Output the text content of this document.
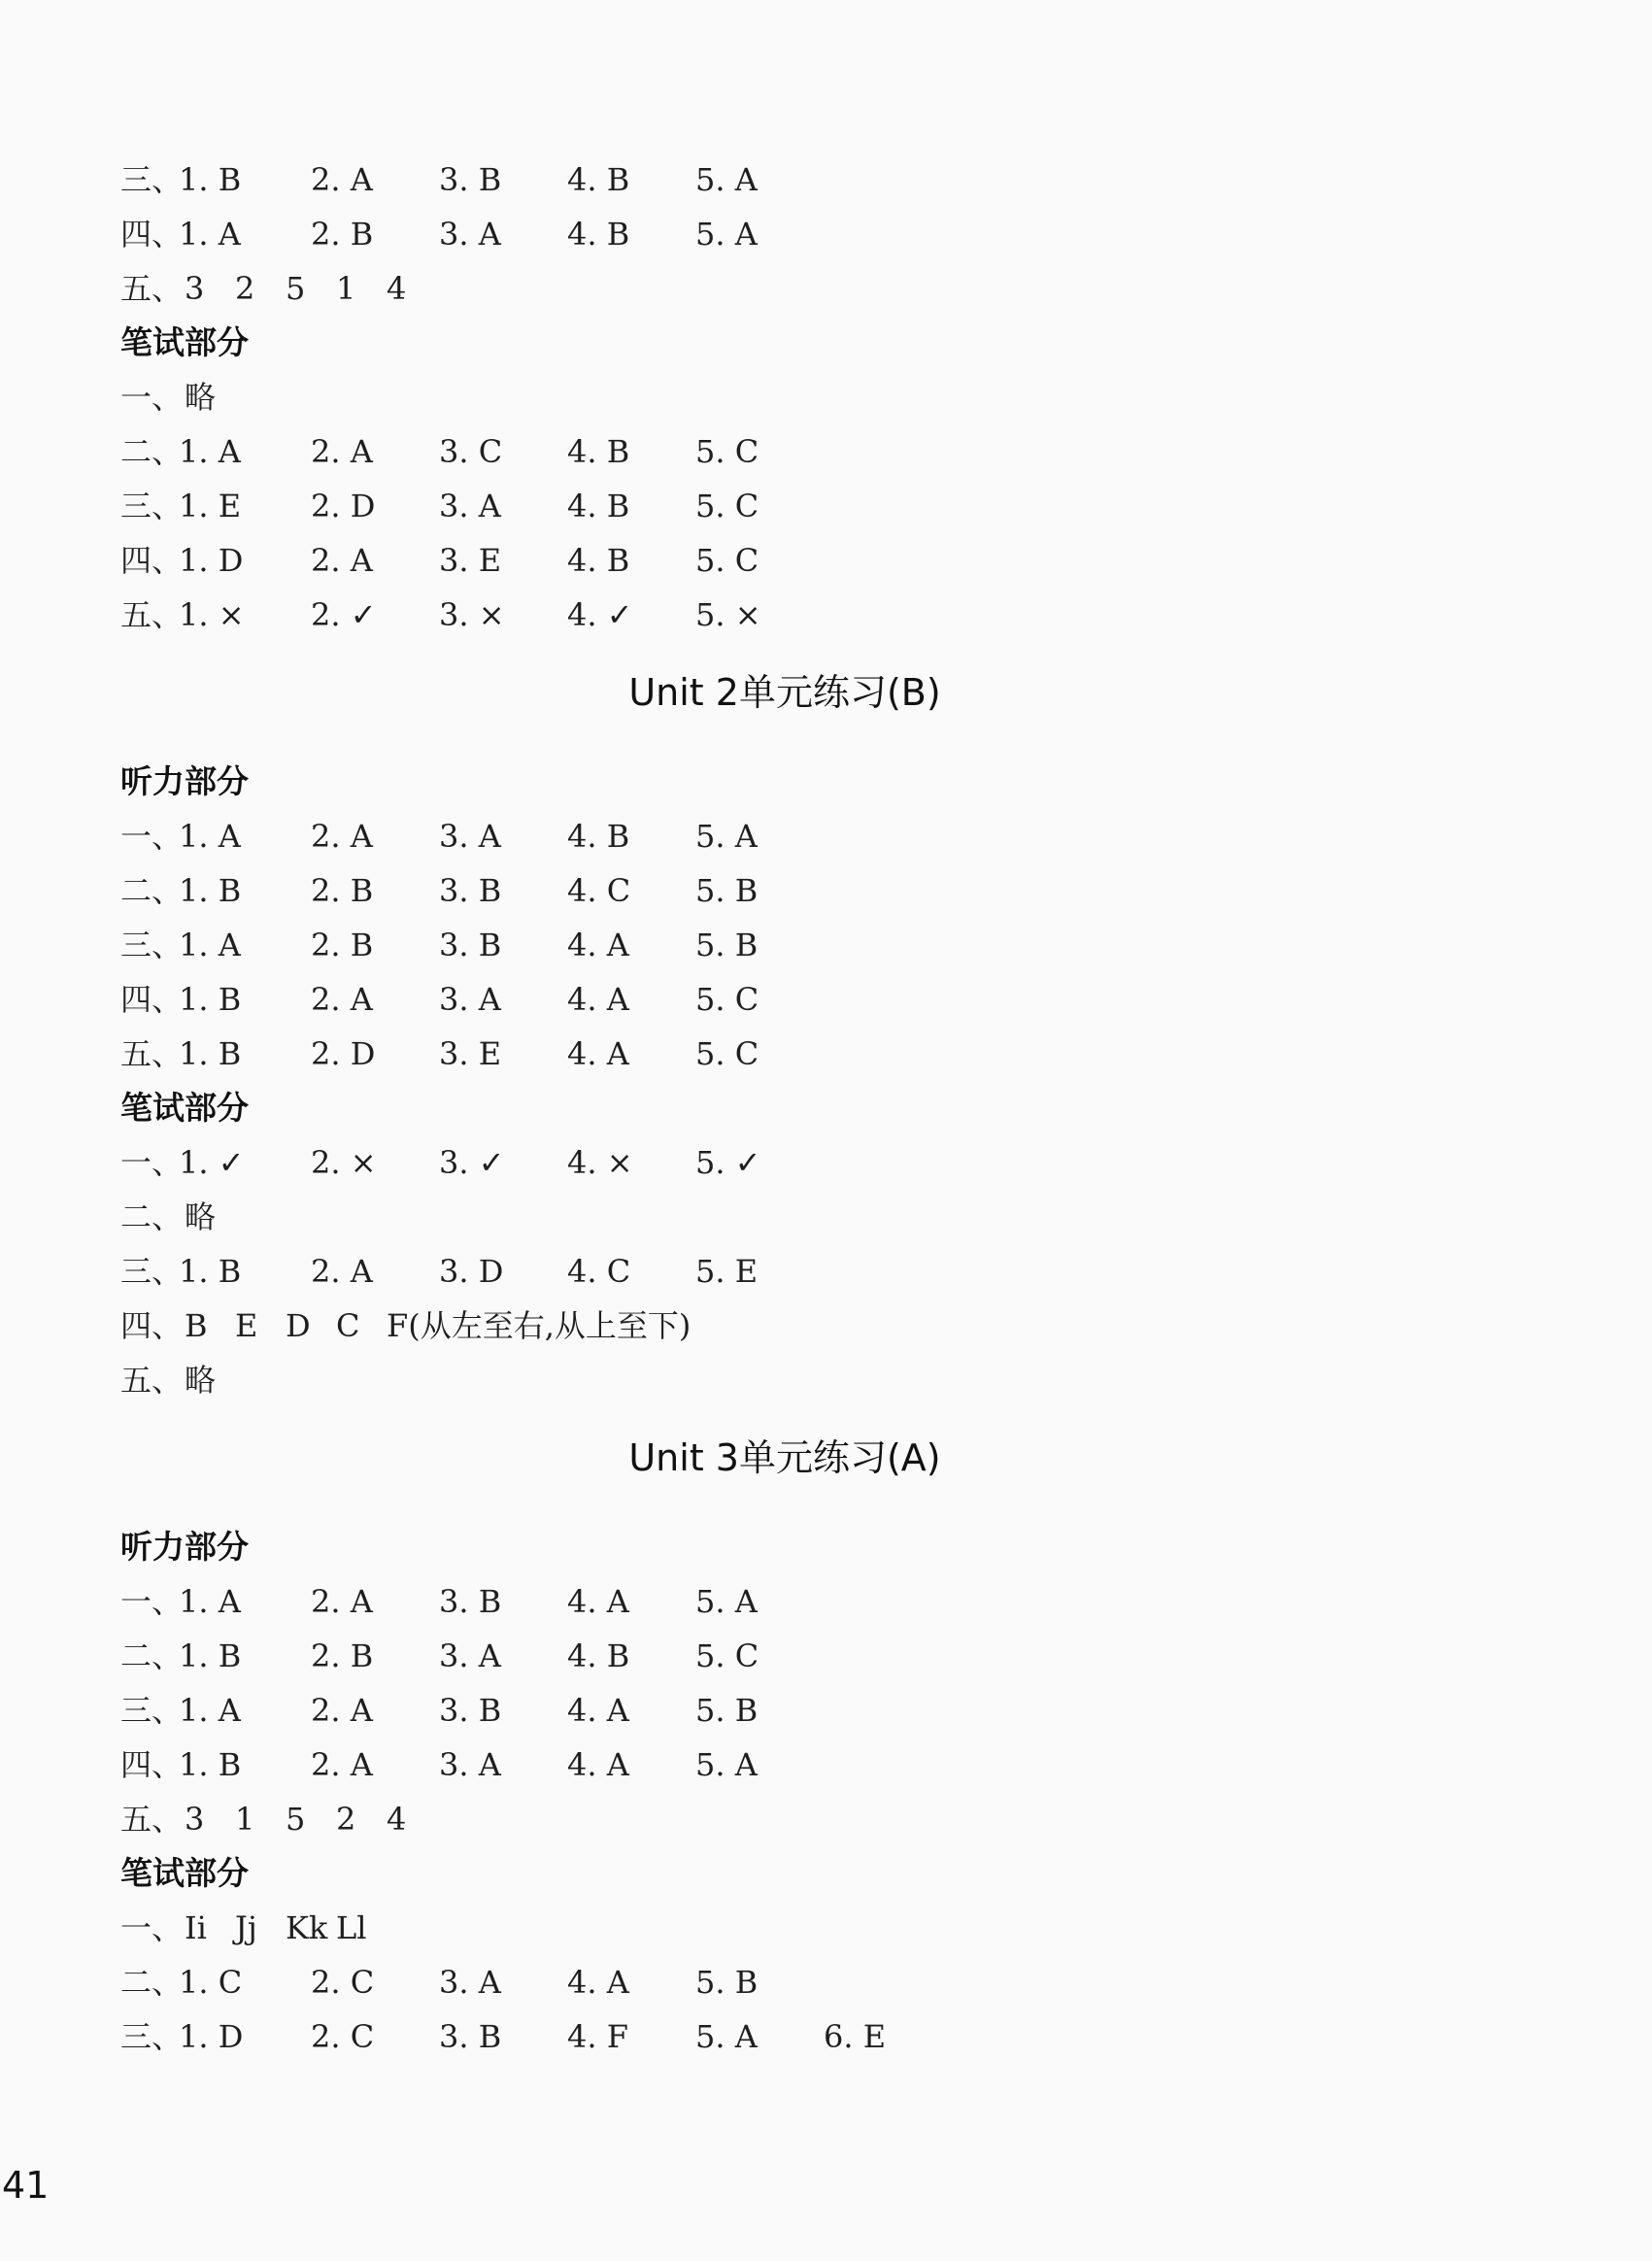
41
三、
1. B 2. A 3. B 4. B 5. A
四、
1. A 2. B 3. A 4. B 5. A
五、 3 2 5 1 4
笔试部分
一、 略
二、
1. A 2. A 3. C 4. B 5. C
三、
1. E 2. D 3. A 4. B 5. C
四、
1. D 2. A 3. E 4. B 5. C
五、
1. × 2. ✓ 3. × 4. ✓ 5. ×
Unit 2单元练习(B)
听力部分
一、
1. A 2. A 3. A 4. B 5. A
二、
1. B 2. B 3. B 4. C 5. B
三、
1. A 2. B 3. B 4. A 5. B
四、
1. B 2. A 3. A 4. A 5. C
五、
1. B 2. D 3. E 4. A 5. C
笔试部分
一、
1. ✓ 2. × 3. ✓ 4. × 5. ✓
二、 略
三、
1. B 2. A 3. D 4. C 5. E
四、 B E D C F(从左至右,从上至下)
五、 略
Unit 3单元练习(A)
听力部分
一、
1. A 2. A 3. B 4. A 5. A
二、
1. B 2. B 3. A 4. B 5. C
三、
1. A 2. A 3. B 4. A 5. B
四、
1. B 2. A 3. A 4. A 5. A
五、 3 1 5 2 4
笔试部分
一、 Ii Jj Kk Ll
二、
1. C 2. C 3. A 4. A 5. B
三、
1. D 2. C 3. B 4. F 5. A 6. E
